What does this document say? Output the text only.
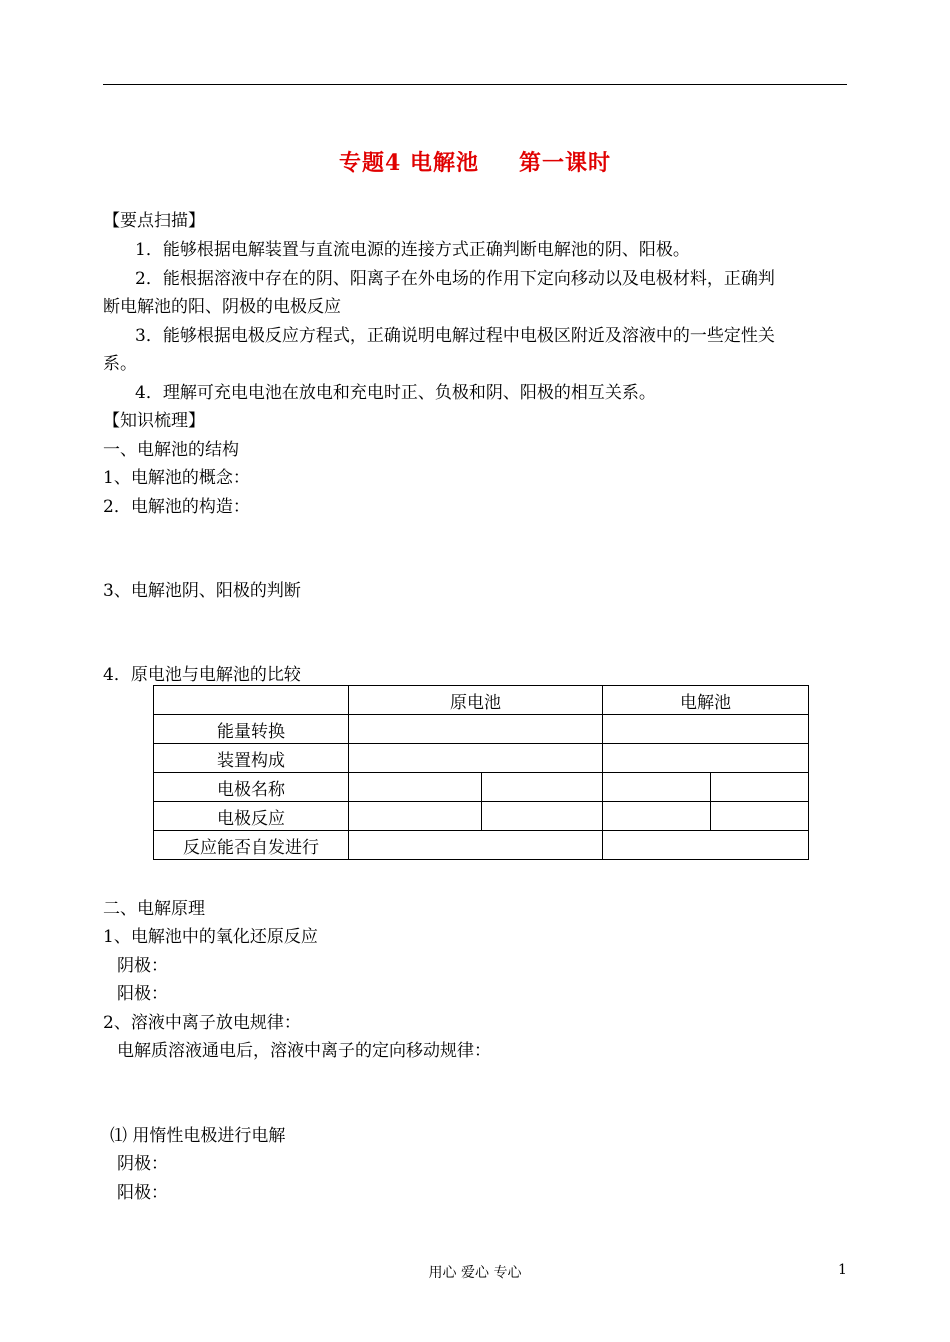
专题4 电解池 第一课时
【要点扫描】
1．能够根据电解装置与直流电源的连接方式正确判断电解池的阴、阳极。
2．能根据溶液中存在的阴、阳离子在外电场的作用下定向移动以及电极材料，正确判
断电解池的阳、阴极的电极反应
3．能够根据电极反应方程式，正确说明电解过程中电极区附近及溶液中的一些定性关
系。
4．理解可充电电池在放电和充电时正、负极和阴、阳极的相互关系。
【知识梳理】
一、电解池的结构
1、电解池的概念：
2．电解池的构造：
3、电解池阴、阳极的判断
4．原电池与电解池的比较
	原电池		电解池	
能量转换				
装置构成				
电极名称				
电极反应				
反应能否自发进行				
二、电解原理
1、电解池中的氧化还原反应
阴极：
阳极：
2、溶液中离子放电规律：
电解质溶液通电后，溶液中离子的定向移动规律：
⑴ 用惰性电极进行电解
阴极：
阳极：
用心 爱心 专心	1
